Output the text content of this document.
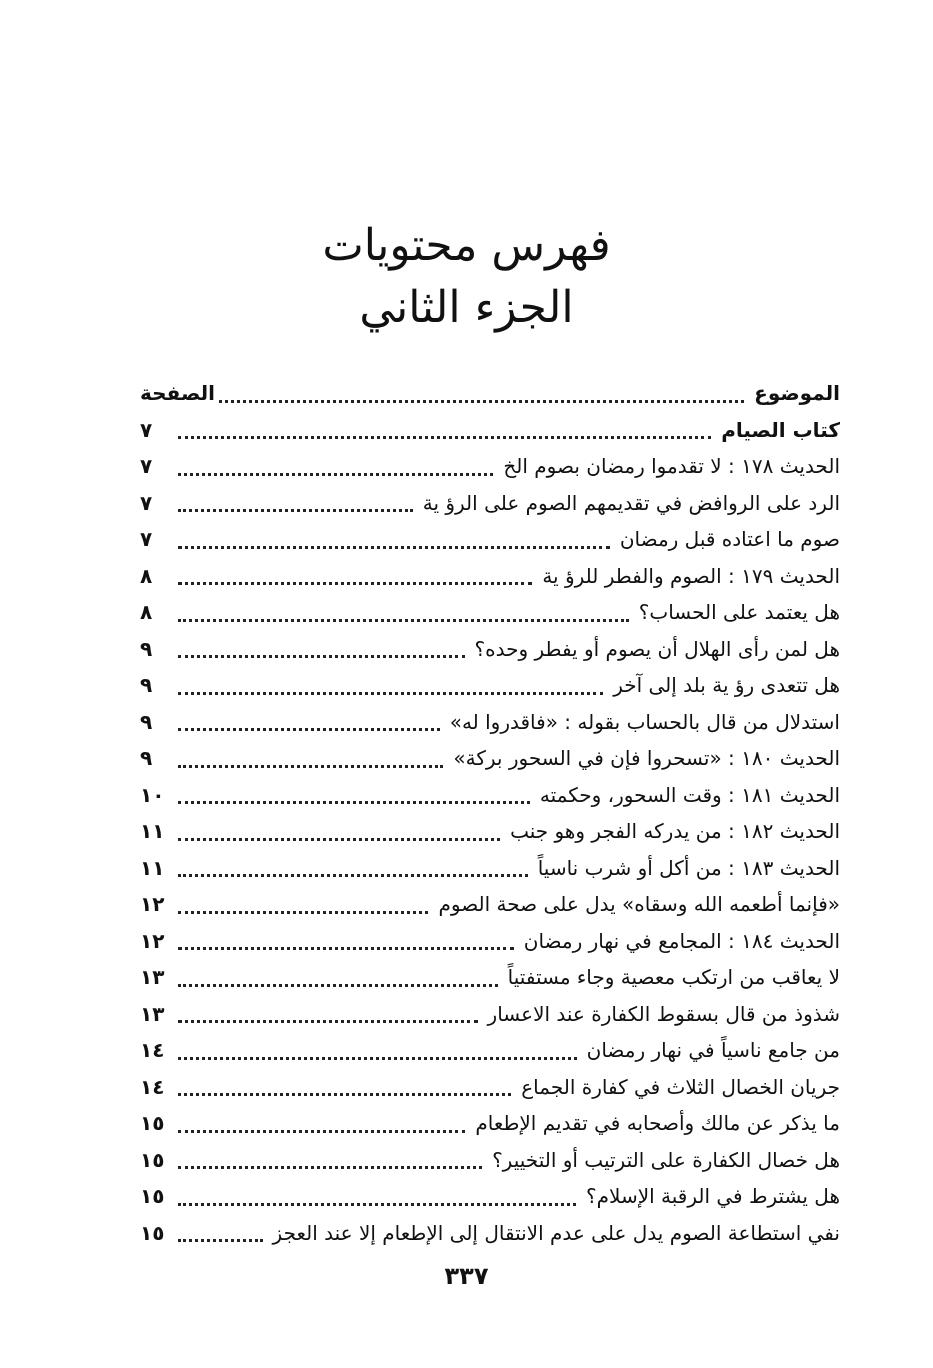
فهرس محتويات
الجزء الثاني
الموضوع
الصفحة
كتاب الصيام
٧
الحديث ١٧٨ : لا تقدموا رمضان بصوم الخ
٧
الرد على الروافض في تقديمهم الصوم على الرؤ ية
٧
صوم ما اعتاده قبل رمضان
٧
الحديث ١٧٩ : الصوم والفطر للرؤ ية
٨
هل يعتمد على الحساب؟
٨
هل لمن رأى الهلال أن يصوم أو يفطر وحده؟
٩
هل تتعدى رؤ ية بلد إلى آخر
٩
استدلال من قال بالحساب بقوله : «فاقدروا له»
٩
الحديث ١٨٠ : «تسحروا فإن في السحور بركة»
٩
الحديث ١٨١ : وقت السحور، وحكمته
١٠
الحديث ١٨٢ : من يدركه الفجر وهو جنب
١١
الحديث ١٨٣ : من أكل أو شرب ناسياً
١١
«فإنما أطعمه الله وسقاه» يدل على صحة الصوم
١٢
الحديث ١٨٤ : المجامع في نهار رمضان
١٢
لا يعاقب من ارتكب معصية وجاء مستفتياً
١٣
شذوذ من قال بسقوط الكفارة عند الاعسار
١٣
من جامع ناسياً في نهار رمضان
١٤
جريان الخصال الثلاث في كفارة الجماع
١٤
ما يذكر عن مالك وأصحابه في تقديم الإطعام
١٥
هل خصال الكفارة على الترتيب أو التخيير؟
١٥
هل يشترط في الرقبة الإسلام؟
١٥
نفي استطاعة الصوم يدل على عدم الانتقال إلى الإطعام إلا عند العجز
١٥
٣٣٧
